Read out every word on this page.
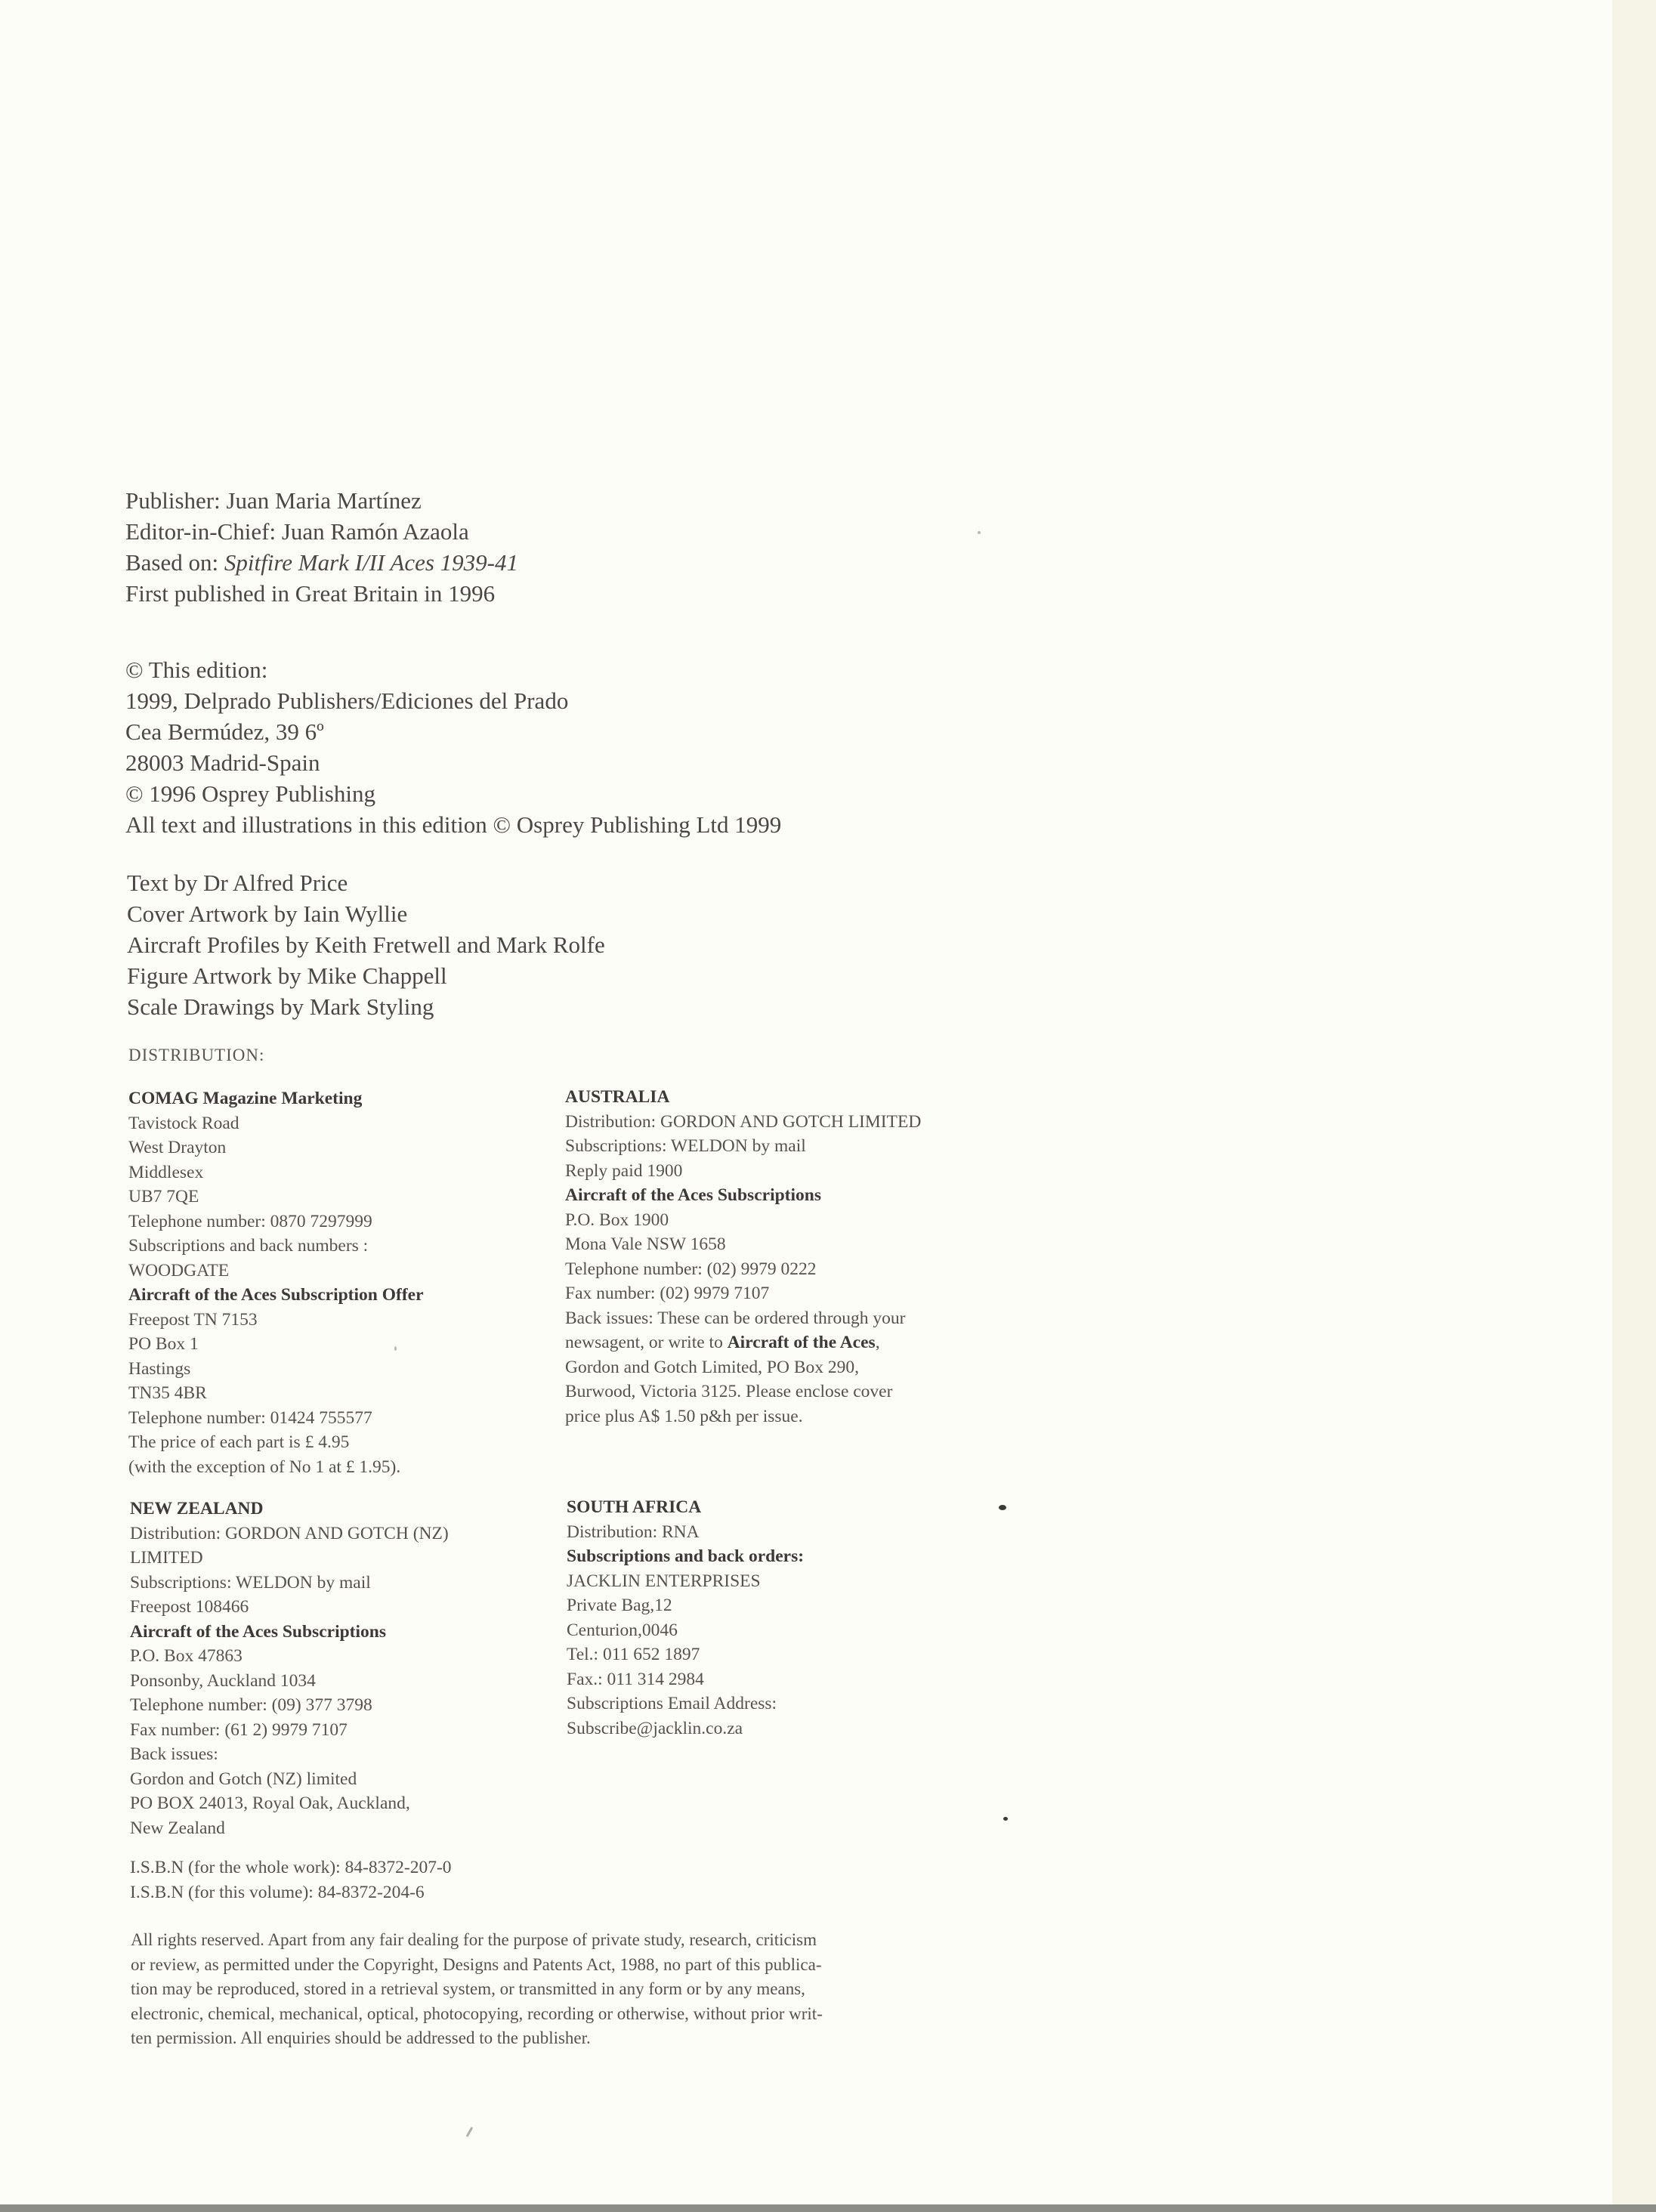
Publisher: Juan Maria Martínez
Editor-in-Chief: Juan Ramón Azaola
Based on: Spitfire Mark I/II Aces 1939-41
First published in Great Britain in 1996
© This edition:
1999, Delprado Publishers/Ediciones del Prado
Cea Bermúdez, 39 6º
28003 Madrid-Spain
© 1996 Osprey Publishing
All text and illustrations in this edition © Osprey Publishing Ltd 1999
Text by Dr Alfred Price
Cover Artwork by Iain Wyllie
Aircraft Profiles by Keith Fretwell and Mark Rolfe
Figure Artwork by Mike Chappell
Scale Drawings by Mark Styling
DISTRIBUTION:
COMAG Magazine Marketing
Tavistock Road
West Drayton
Middlesex
UB7 7QE
Telephone number: 0870 7297999
Subscriptions and back numbers :
WOODGATE
Aircraft of the Aces Subscription Offer
Freepost TN 7153
PO Box 1
Hastings
TN35 4BR
Telephone number: 01424 755577
The price of each part is £ 4.95
(with the exception of No 1 at £ 1.95).
AUSTRALIA
Distribution: GORDON AND GOTCH LIMITED
Subscriptions: WELDON by mail
Reply paid 1900
Aircraft of the Aces Subscriptions
P.O. Box 1900
Mona Vale NSW 1658
Telephone number: (02) 9979 0222
Fax number: (02) 9979 7107
Back issues: These can be ordered through your
newsagent, or write to Aircraft of the Aces,
Gordon and Gotch Limited, PO Box 290,
Burwood, Victoria 3125. Please enclose cover
price plus A$ 1.50 p&h per issue.
NEW ZEALAND
Distribution: GORDON AND GOTCH (NZ)
LIMITED
Subscriptions: WELDON by mail
Freepost 108466
Aircraft of the Aces Subscriptions
P.O. Box 47863
Ponsonby, Auckland 1034
Telephone number: (09) 377 3798
Fax number: (61 2) 9979 7107
Back issues:
Gordon and Gotch (NZ) limited
PO BOX 24013, Royal Oak, Auckland,
New Zealand
SOUTH AFRICA
Distribution: RNA
Subscriptions and back orders:
JACKLIN ENTERPRISES
Private Bag,12
Centurion,0046
Tel.: 011 652 1897
Fax.: 011 314 2984
Subscriptions Email Address:
Subscribe@jacklin.co.za
I.S.B.N (for the whole work): 84-8372-207-0
I.S.B.N (for this volume): 84-8372-204-6
All rights reserved. Apart from any fair dealing for the purpose of private study, research, criticism
or review, as permitted under the Copyright, Designs and Patents Act, 1988, no part of this publica-
tion may be reproduced, stored in a retrieval system, or transmitted in any form or by any means,
electronic, chemical, mechanical, optical, photocopying, recording or otherwise, without prior writ-
ten permission. All enquiries should be addressed to the publisher.
